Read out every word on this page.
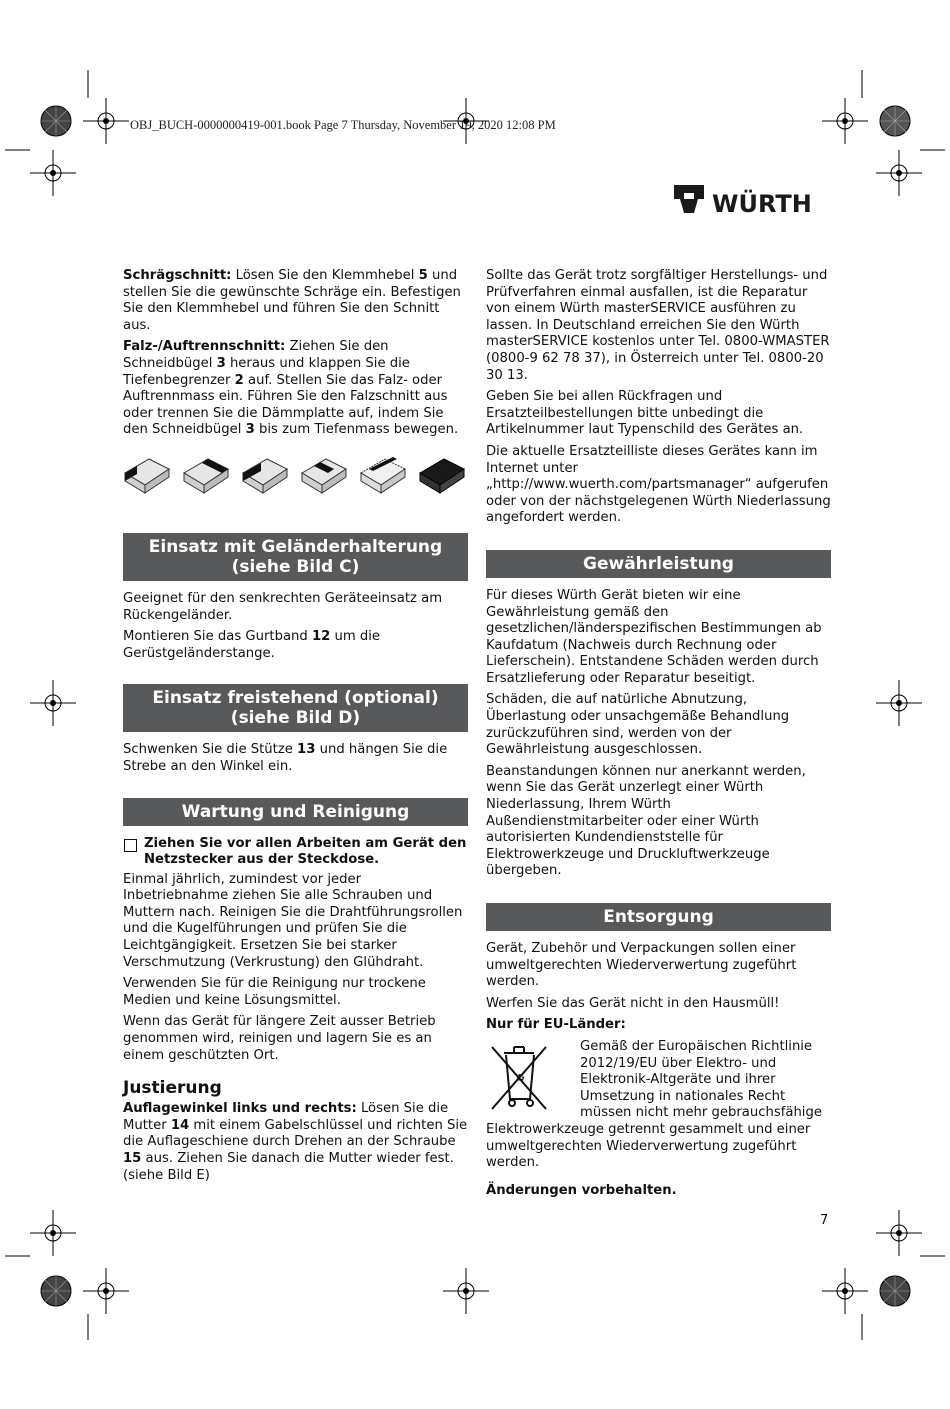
OBJ_BUCH-0000000419-001.book Page 7 Thursday, November 19, 2020 12:08 PM
WÜRTH

Schrägschnitt: Lösen Sie den Klemmhebel 5 und stellen Sie die gewünschte Schräge ein. Befestigen Sie den Klemmhebel und führen Sie den Schnitt aus.

Falz-/Auftrennschnitt: Ziehen Sie den Schneidbügel 3 heraus und klappen Sie die Tiefenbegrenzer 2 auf. Stellen Sie das Falz- oder Auftrennmass ein. Führen Sie den Falzschnitt aus oder trennen Sie die Dämmplatte auf, indem Sie den Schneidbügel 3 bis zum Tiefenmass bewegen.

Einsatz mit Geländerhalterung (siehe Bild C)

Geeignet für den senkrechten Geräteeinsatz am Rückengeländer.

Montieren Sie das Gurtband 12 um die Gerüstgeländerstange.

Einsatz freistehend (optional) (siehe Bild D)

Schwenken Sie die Stütze 13 und hängen Sie die Strebe an den Winkel ein.

Wartung und Reinigung
Ziehen Sie vor allen Arbeiten am Gerät den Netzstecker aus der Steckdose.

Einmal jährlich, zumindest vor jeder Inbetriebnahme ziehen Sie alle Schrauben und Muttern nach. Reinigen Sie die Drahtführungsrollen und die Kugelführungen und prüfen Sie die Leichtgängigkeit. Ersetzen Sie bei starker Verschmutzung (Verkrustung) den Glühdraht.

Verwenden Sie für die Reinigung nur trockene Medien und keine Lösungsmittel.

Wenn das Gerät für längere Zeit ausser Betrieb genommen wird, reinigen und lagern Sie es an einem geschützten Ort.

Justierung

Auflagewinkel links und rechts: Lösen Sie die Mutter 14 mit einem Gabelschlüssel und richten Sie die Auflageschiene durch Drehen an der Schraube 15 aus. Ziehen Sie danach die Mutter wieder fest. (siehe Bild E)

Sollte das Gerät trotz sorgfältiger Herstellungs- und Prüfverfahren einmal ausfallen, ist die Reparatur von einem Würth masterSERVICE ausführen zu lassen. In Deutschland erreichen Sie den Würth masterSERVICE kostenlos unter Tel. 0800-WMASTER (0800-9 62 78 37), in Österreich unter Tel. 0800-20 30 13.

Geben Sie bei allen Rückfragen und Ersatzteilbestellungen bitte unbedingt die Artikelnummer laut Typenschild des Gerätes an.

Die aktuelle Ersatzteilliste dieses Gerätes kann im Internet unter „http://www.wuerth.com/partsmanager“ aufgerufen oder von der nächstgelegenen Würth Niederlassung angefordert werden.

Gewährleistung

Für dieses Würth Gerät bieten wir eine Gewährleistung gemäß den gesetzlichen/länderspezifischen Bestimmungen ab Kaufdatum (Nachweis durch Rechnung oder Lieferschein). Entstandene Schäden werden durch Ersatzlieferung oder Reparatur beseitigt.

Schäden, die auf natürliche Abnutzung, Überlastung oder unsachgemäße Behandlung zurückzuführen sind, werden von der Gewährleistung ausgeschlossen.

Beanstandungen können nur anerkannt werden, wenn Sie das Gerät unzerlegt einer Würth Niederlassung, Ihrem Würth Außendienstmitarbeiter oder einer Würth autorisierten Kundendienststelle für Elektrowerkzeuge und Druckluftwerkzeuge übergeben.

Entsorgung

Gerät, Zubehör und Verpackungen sollen einer umweltgerechten Wiederverwertung zugeführt werden.

Werfen Sie das Gerät nicht in den Hausmüll!

Nur für EU-Länder:

♻

Gemäß der Europäischen Richtlinie 2012/19/EU über Elektro- und Elektronik-Altgeräte und ihrer Umsetzung in nationales Recht müssen nicht mehr gebrauchsfähige Elektrowerkzeuge getrennt gesammelt und einer umweltgerechten Wiederverwertung zugeführt werden.

Änderungen vorbehalten.

7
